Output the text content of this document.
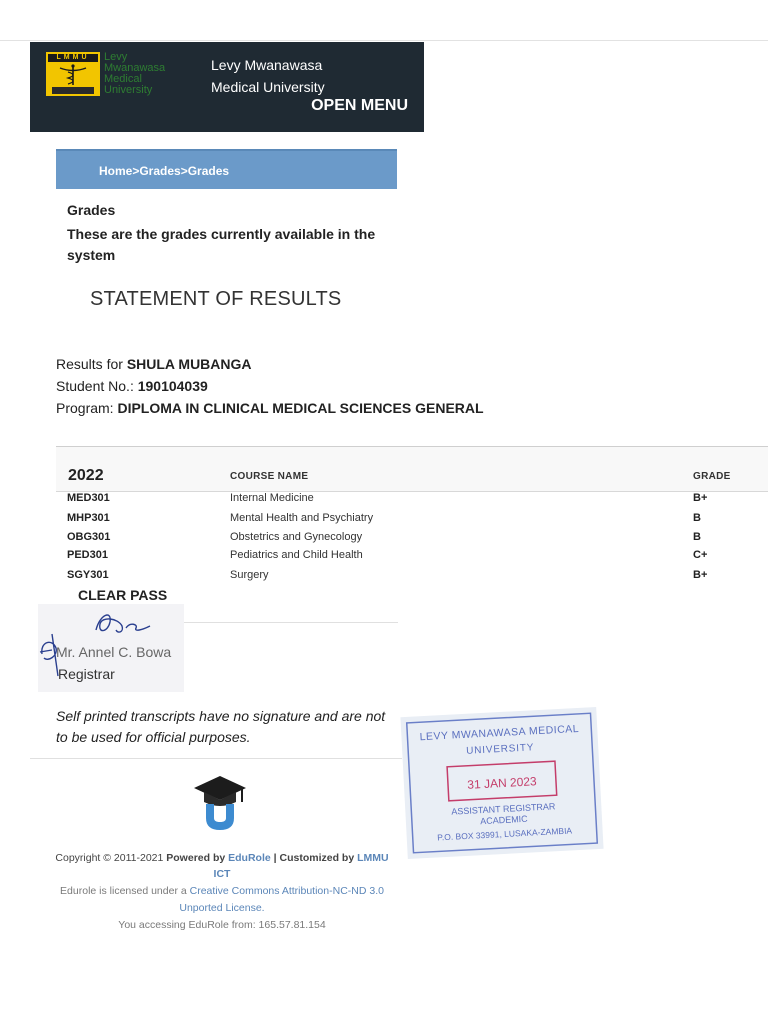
LMMU	Levy
Mwanawasa
Medical
University
Levy Mwanawasa
Medical University
OPEN MENU
Home>Grades>Grades
Grades
These are the grades currently available in the system
STATEMENT OF RESULTS
Results for SHULA MUBANGA
Student No.: 190104039
Program: DIPLOMA IN CLINICAL MEDICAL SCIENCES GENERAL
2022	COURSE NAME	GRADE
MED301	Internal Medicine	B+
MHP301	Mental Health and Psychiatry	B
OBG301	Obstetrics and Gynecology	B
PED301	Pediatrics and Child Health	C+
SGY301	Surgery	B+
CLEAR PASS
Mr. Annel C. Bowa
Registrar
Self printed transcripts have no signature and are not to be used for official purposes.	LEVY MWANAWASA MEDICAL
UNIVERSITY
31 JAN 2023
ASSISTANT REGISTRAR
ACADEMIC
P.O. BOX 33991, LUSAKA-ZAMBIA
Copyright © 2011-2021 Powered by EduRole | Customized by LMMU
ICT
Edurole is licensed under a Creative Commons Attribution-NC-ND 3.0
Unported License.
You accessing EduRole from: 165.57.81.154
